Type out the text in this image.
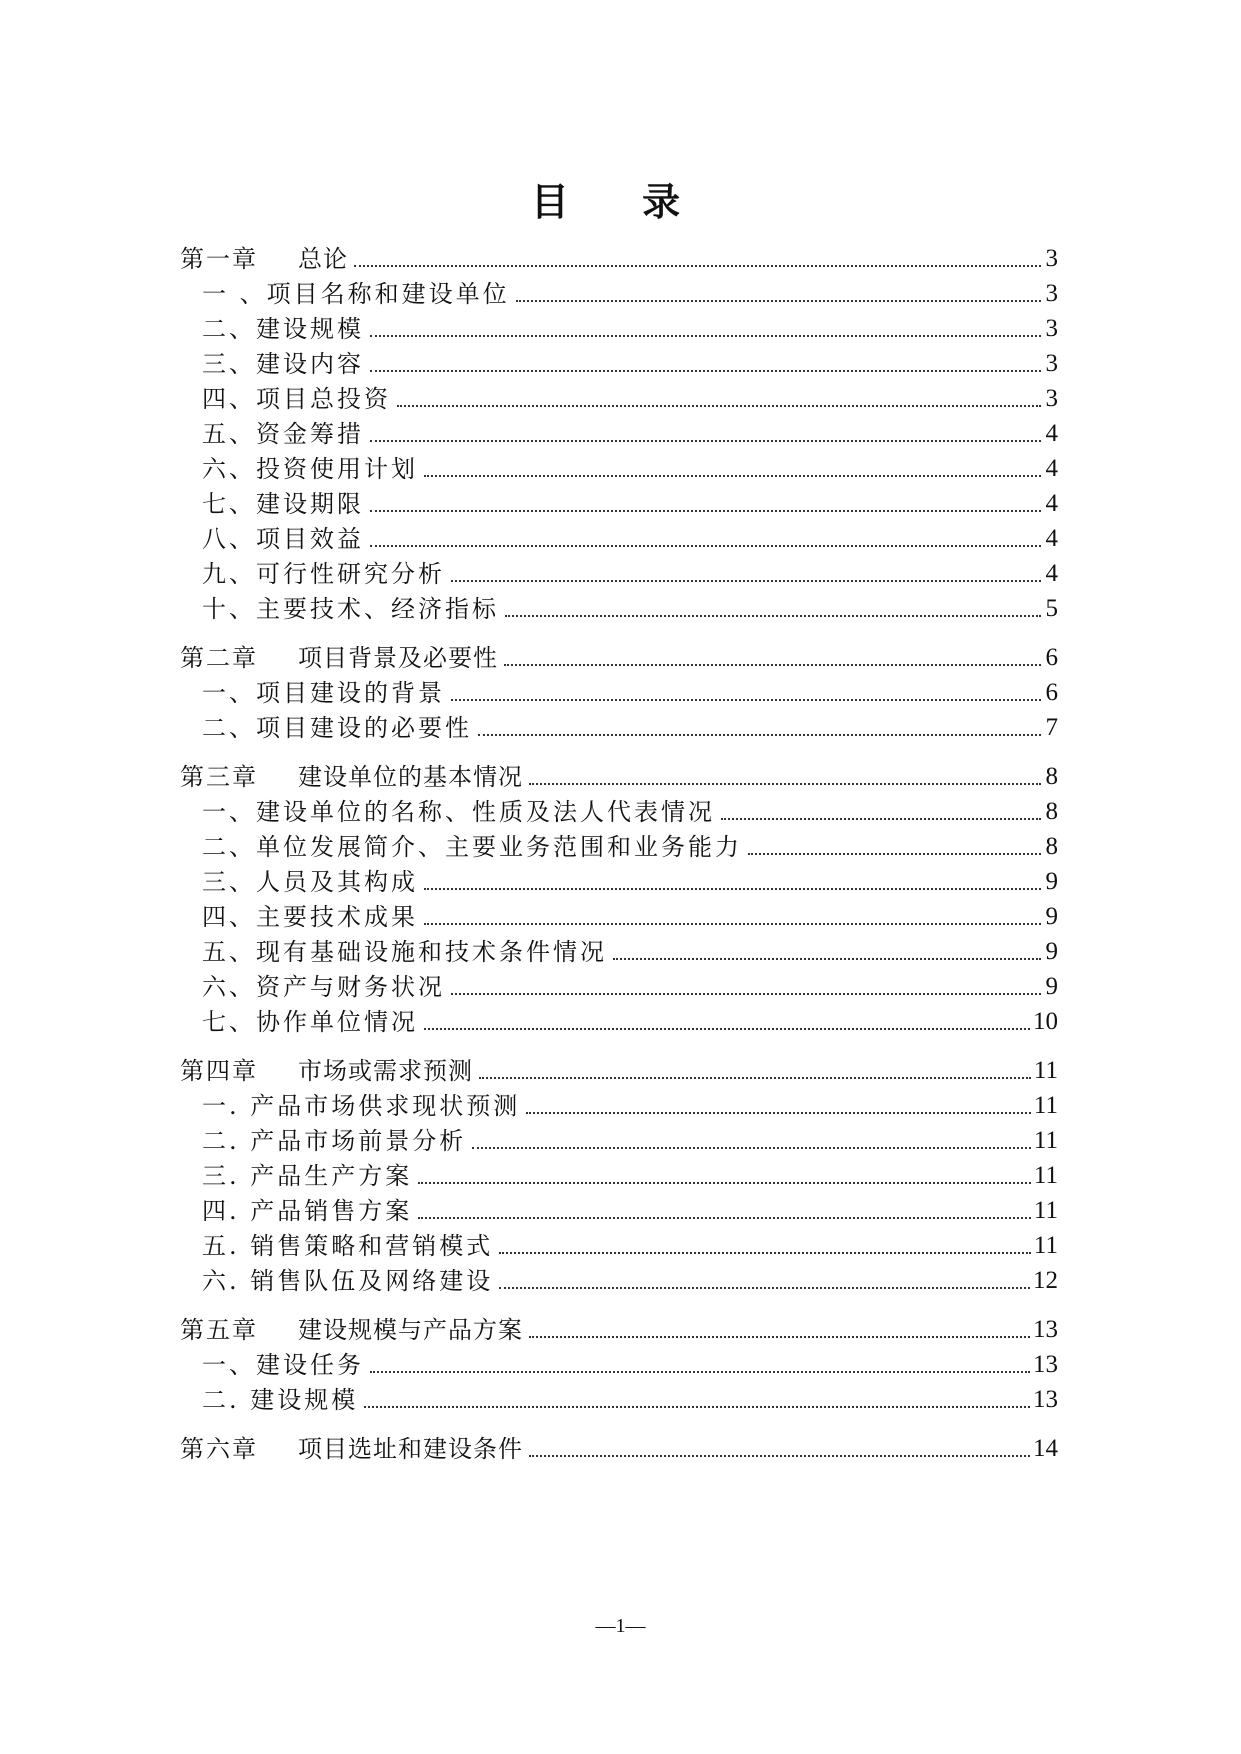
目 录
第一章 总论	3
一 、项目名称和建设单位	3
二、建设规模	3
三、建设内容	3
四、项目总投资	3
五、资金筹措	4
六、投资使用计划	4
七、建设期限	4
八、项目效益	4
九、可行性研究分析	4
十、主要技术、经济指标	5
第二章 项目背景及必要性	6
一、项目建设的背景	6
二、项目建设的必要性	7
第三章 建设单位的基本情况	8
一、建设单位的名称、性质及法人代表情况	8
二、单位发展简介、主要业务范围和业务能力	8
三、人员及其构成	9
四、主要技术成果	9
五、现有基础设施和技术条件情况	9
六、资产与财务状况	9
七、协作单位情况	10
第四章 市场或需求预测	11
一. 产品市场供求现状预测	11
二. 产品市场前景分析	11
三. 产品生产方案	11
四. 产品销售方案	11
五. 销售策略和营销模式	11
六. 销售队伍及网络建设	12
第五章 建设规模与产品方案	13
一、建设任务	13
二. 建设规模	13
第六章 项目选址和建设条件	14
—1—
